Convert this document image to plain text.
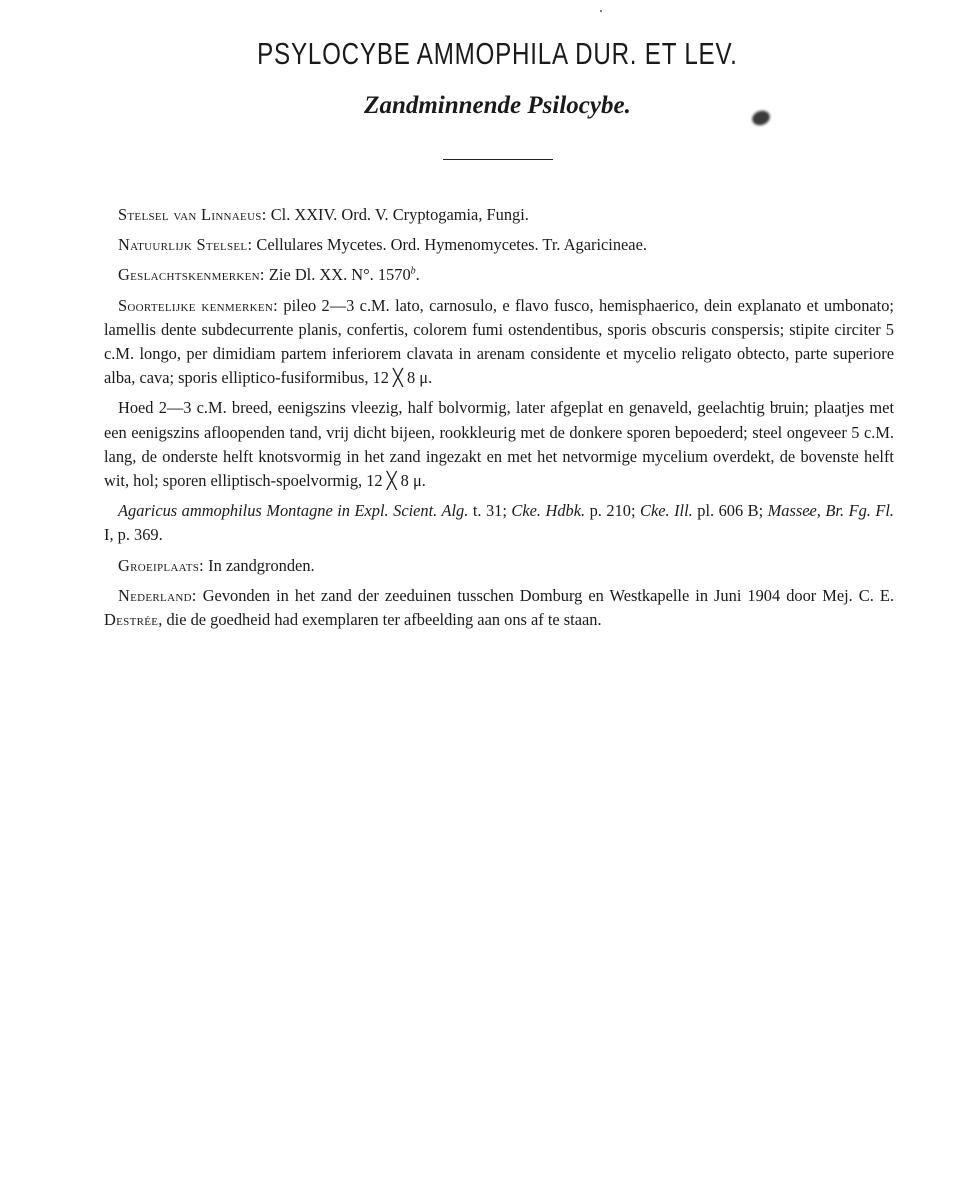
PSYLOCYBE AMMOPHILA DUR. ET LEV.
Zandminnende Psilocybe.

Stelsel van Linnaeus: Cl. XXIV. Ord. V. Cryptogamia, Fungi.

Natuurlijk Stelsel: Cellulares Mycetes. Ord. Hymenomycetes. Tr. Agaricineae.

Geslachtskenmerken: Zie Dl. XX. N°. 1570$^b$.

Soortelijke kenmerken: pileo 2—3 c.M. lato, carnosulo, e flavo fusco, hemisphaerico, dein explanato et umbonato; lamellis dente subdecurrente planis, confertis, colorem fumi ostendentibus, sporis obscuris conspersis; stipite circiter 5 c.M. longo, per dimidiam partem inferiorem clavata in arenam considente et mycelio religato obtecto, parte superiore alba, cava; sporis elliptico-fusiformibus, 12 ╳ 8 μ.

Hoed 2—3 c.M. breed, eenigszins vleezig, half bolvormig, later afgeplat en genaveld, geelachtig bruin; plaatjes met een eenigszins afloopenden tand, vrij dicht bijeen, rookkleurig met de donkere sporen bepoederd; steel ongeveer 5 c.M. lang, de onderste helft knotsvormig in het zand ingezakt en met het netvormige mycelium overdekt, de bovenste helft wit, hol; sporen elliptisch-spoelvormig, 12 ╳ 8 μ.

Agaricus ammophilus Montagne in Expl. Scient. Alg. t. 31; Cke. Hdbk. p. 210; Cke. Ill. pl. 606 B; Massee, Br. Fg. Fl. I, p. 369.

Groeiplaats: In zandgronden.

Nederland: Gevonden in het zand der zeeduinen tusschen Domburg en Westkapelle in Juni 1904 door Mej. C. E. Destrée, die de goedheid had exemplaren ter afbeelding aan ons af te staan.
